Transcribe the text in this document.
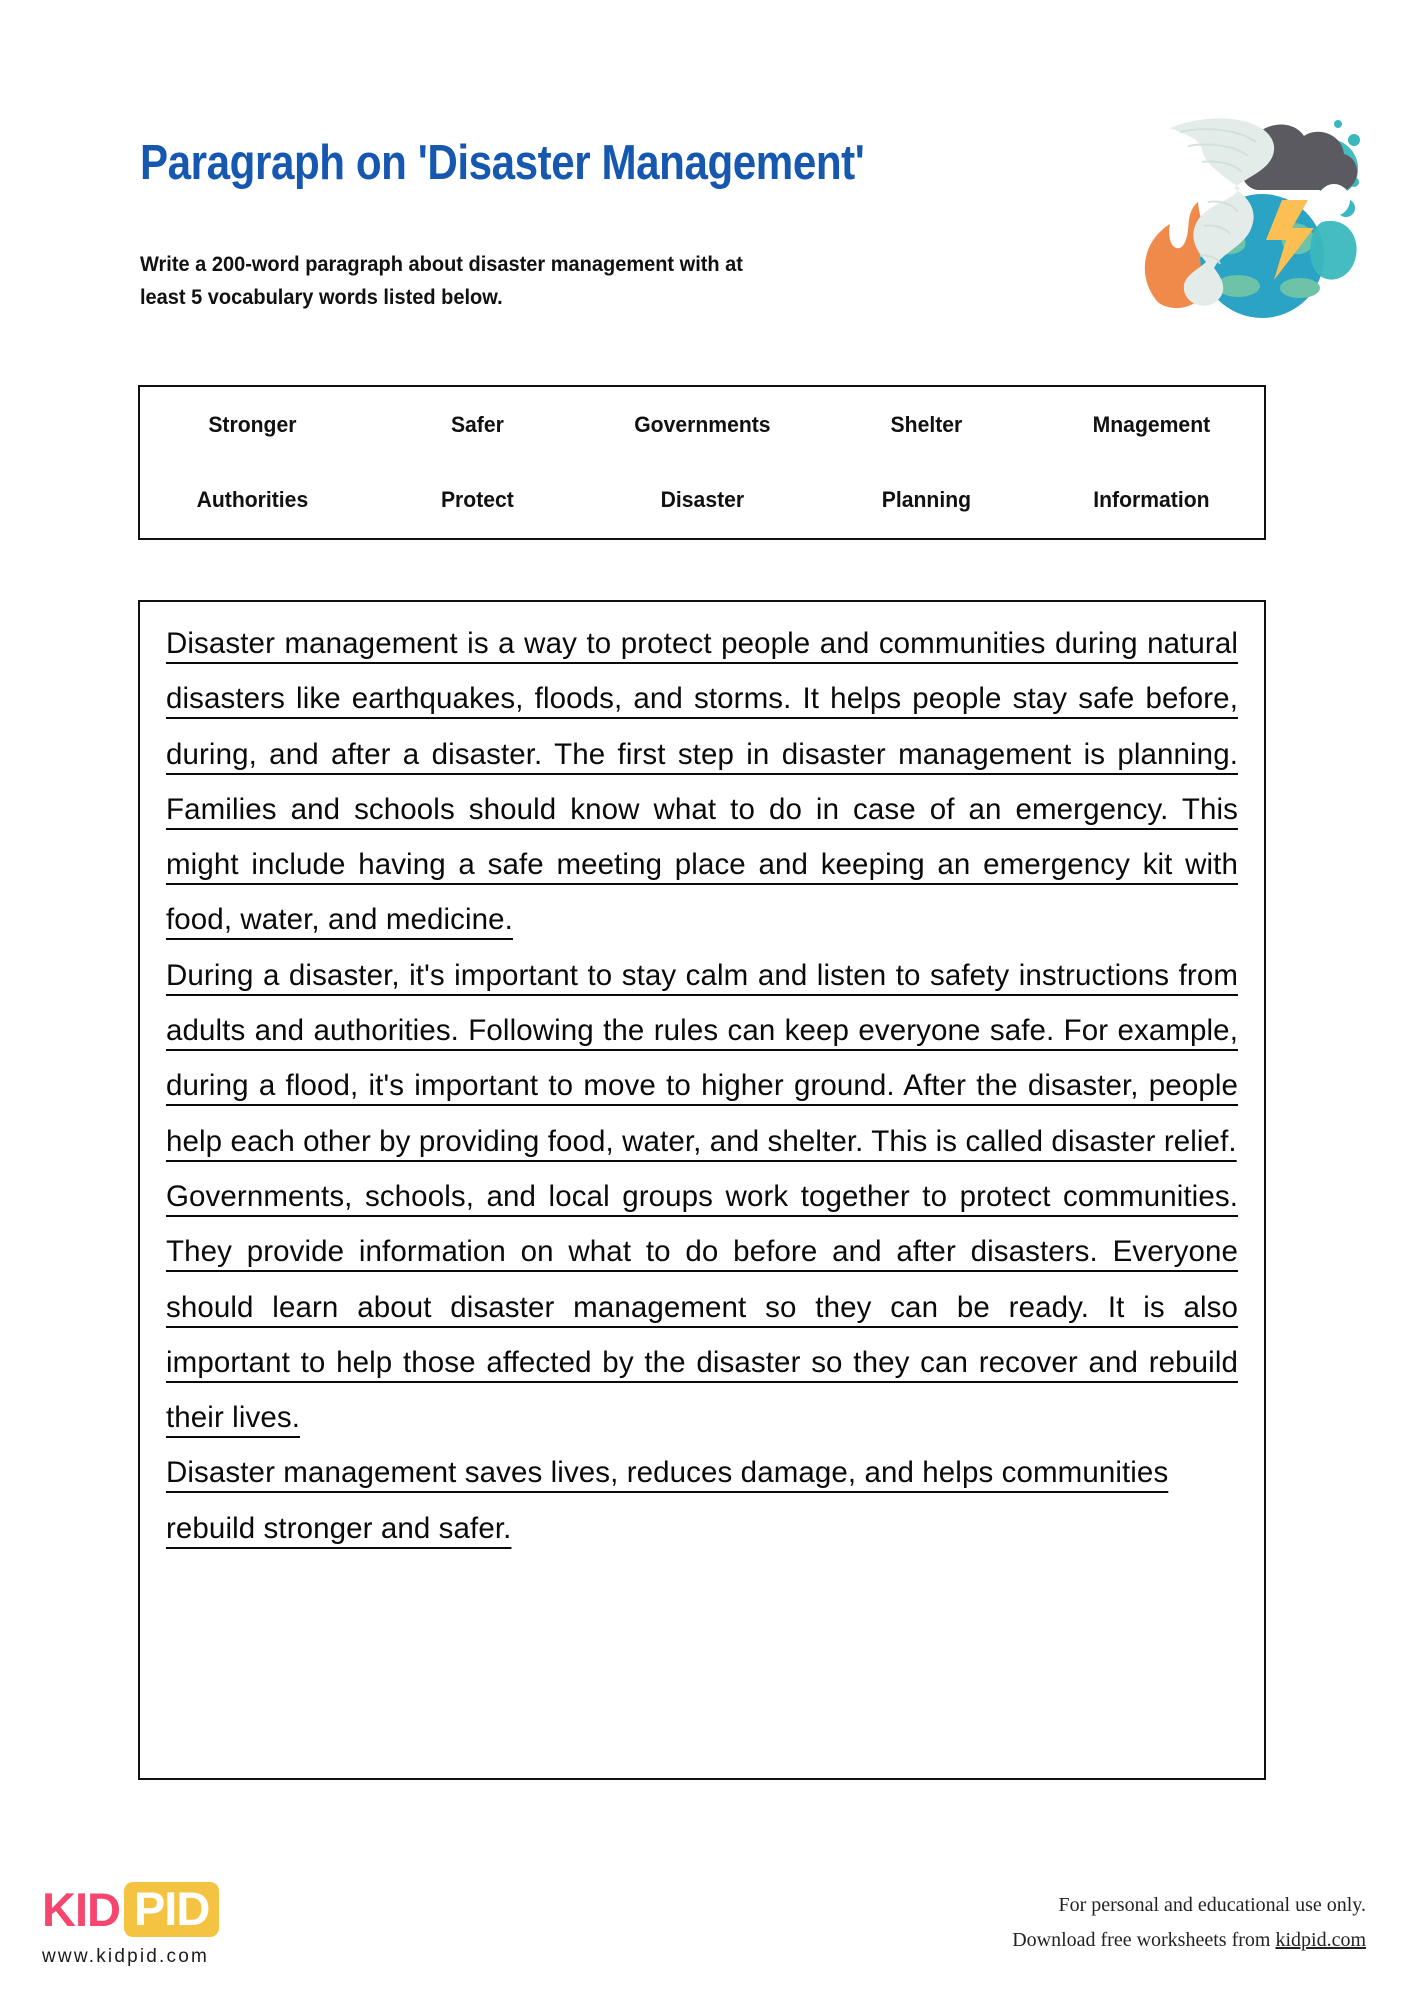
Paragraph on 'Disaster Management'
Write a 200-word paragraph about disaster management with at least 5 vocabulary words listed below.
Stronger	Safer	Governments	Shelter	Mnagement
Authorities	Protect	Disaster	Planning	Information

Disaster management is a way to protect people and communities during natural disasters like earthquakes, floods, and storms. It helps people stay safe before, during, and after a disaster. The first step in disaster management is planning. Families and schools should know what to do in case of an emergency. This might include having a safe meeting place and keeping an emergency kit with food, water, and medicine.

During a disaster, it's important to stay calm and listen to safety instructions from adults and authorities. Following the rules can keep everyone safe. For example, during a flood, it's important to move to higher ground. After the disaster, people help each other by providing food, water, and shelter. This is called disaster relief.

Governments, schools, and local groups work together to protect communities. They provide information on what to do before and after disasters. Everyone should learn about disaster management so they can be ready. It is also important to help those affected by the disaster so they can recover and rebuild their lives.

Disaster management saves lives, reduces damage, and helps communities rebuild stronger and safer.

KID PID
www.kidpid.com
For personal and educational use only.
Download free worksheets from kidpid.com
